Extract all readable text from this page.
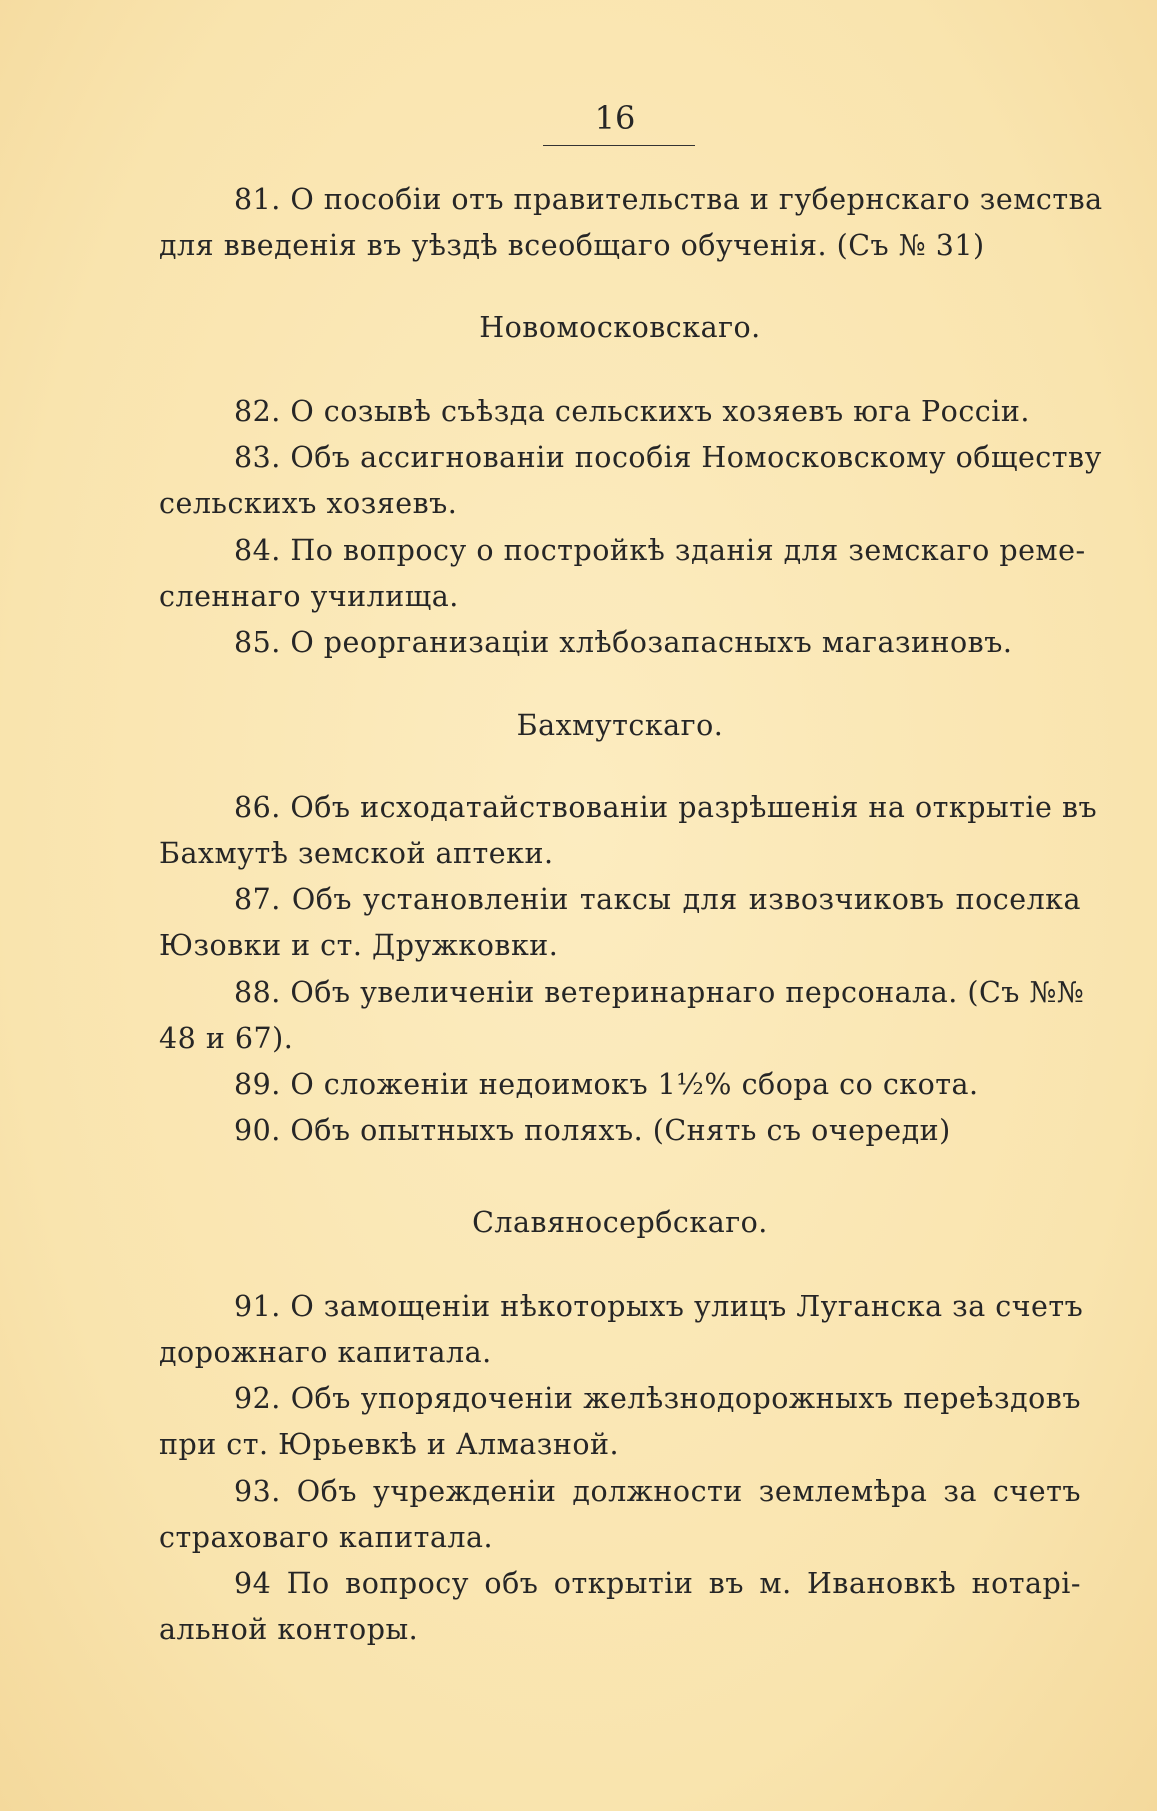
16
81. О пособіи отъ правительства и губернскаго земства
для введенія въ уѣздѣ всеобщаго обученія. (Съ № 31)
Новомосковскаго.
82. О созывѣ съѣзда сельскихъ хозяевъ юга Россіи.
83. Объ ассигнованіи пособія Номосковскому обществу
сельскихъ хозяевъ.
84. По вопросу о постройкѣ зданія для земскаго реме-
сленнаго училища.
85. О реорганизаціи хлѣбозапасныхъ магазиновъ.
Бахмутскаго.
86. Объ исходатайствованіи разрѣшенія на открытіе въ
Бахмутѣ земской аптеки.
87. Объ установленіи таксы для извозчиковъ поселка
Юзовки и ст. Дружковки.
88. Объ увеличеніи ветеринарнаго персонала. (Съ №№
48 и 67).
89. О сложеніи недоимокъ 1½% сбора со скота.
90. Объ опытныхъ поляхъ. (Снять съ очереди)
Славяносербскаго.
91. О замощеніи нѣкоторыхъ улицъ Луганска за счетъ
дорожнаго капитала.
92. Объ упорядоченіи желѣзнодорожныхъ переѣздовъ
при ст. Юрьевкѣ и Алмазной.
93. Объ учрежденіи должности землемѣра за счетъ
страховаго капитала.
94 По вопросу объ открытіи въ м. Ивановкѣ нотарі-
альной конторы.
